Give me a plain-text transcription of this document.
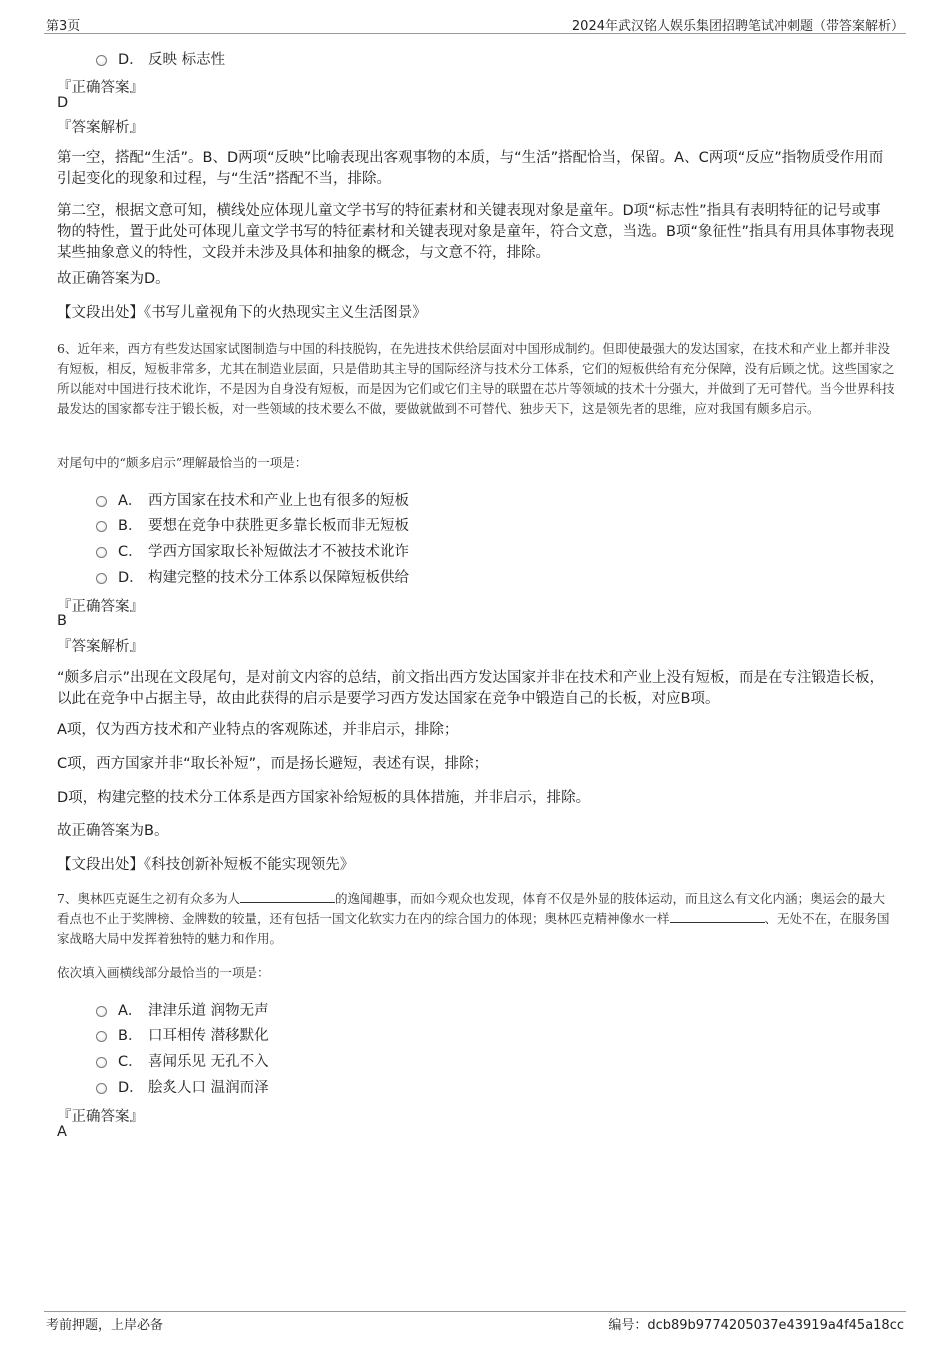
第3页	2024年武汉铭人娱乐集团招聘笔试冲刺题（带答案解析）
D． 反映 标志性
『正确答案』
D
『答案解析』
第一空，搭配“生活”。B、D两项“反映”比喻表现出客观事物的本质，与“生活”搭配恰当，保留。A、C两项“反应”指物质受作用而引起变化的现象和过程，与“生活”搭配不当，排除。
第二空，根据文意可知，横线处应体现儿童文学书写的特征素材和关键表现对象是童年。D项“标志性”指具有表明特征的记号或事物的特性，置于此处可体现儿童文学书写的特征素材和关键表现对象是童年，符合文意，当选。B项“象征性”指具有用具体事物表现某些抽象意义的特性，文段并未涉及具体和抽象的概念，与文意不符，排除。
故正确答案为D。
【文段出处】《书写儿童视角下的火热现实主义生活图景》
6、近年来，西方有些发达国家试图制造与中国的科技脱钩，在先进技术供给层面对中国形成制约。但即使最强大的发达国家，在技术和产业上都并非没有短板，相反，短板非常多，尤其在制造业层面，只是借助其主导的国际经济与技术分工体系，它们的短板供给有充分保障，没有后顾之忧。这些国家之所以能对中国进行技术讹诈，不是因为自身没有短板，而是因为它们或它们主导的联盟在芯片等领域的技术十分强大，并做到了无可替代。当今世界科技最发达的国家都专注于锻长板，对一些领域的技术要么不做，要做就做到不可替代、独步天下，这是领先者的思维，应对我国有颇多启示。
对尾句中的“颇多启示”理解最恰当的一项是：
A． 西方国家在技术和产业上也有很多的短板
B． 要想在竞争中获胜更多靠长板而非无短板
C． 学西方国家取长补短做法才不被技术讹诈
D． 构建完整的技术分工体系以保障短板供给
『正确答案』
B
『答案解析』
“颇多启示”出现在文段尾句，是对前文内容的总结，前文指出西方发达国家并非在技术和产业上没有短板，而是在专注锻造长板，以此在竞争中占据主导，故由此获得的启示是要学习西方发达国家在竞争中锻造自己的长板，对应B项。
A项，仅为西方技术和产业特点的客观陈述，并非启示，排除；
C项，西方国家并非“取长补短”，而是扬长避短，表述有误，排除；
D项，构建完整的技术分工体系是西方国家补给短板的具体措施，并非启示，排除。
故正确答案为B。
【文段出处】《科技创新补短板不能实现领先》
7、奥林匹克诞生之初有众多为人	的逸闻趣事，而如今观众也发现，体育不仅是外显的肢体运动，而且这么有文化内涵；奥运会的最大看点也不止于奖牌榜、金牌数的较量，还有包括一国文化软实力在内的综合国力的体现；奥林匹克精神像水一样	、无处不在，在服务国家战略大局中发挥着独特的魅力和作用。
依次填入画横线部分最恰当的一项是：
A． 津津乐道 润物无声
B． 口耳相传 潜移默化
C． 喜闻乐见 无孔不入
D． 脍炙人口 温润而泽
『正确答案』
A
考前押题，上岸必备	编号：dcb89b9774205037e43919a4f45a18cc
